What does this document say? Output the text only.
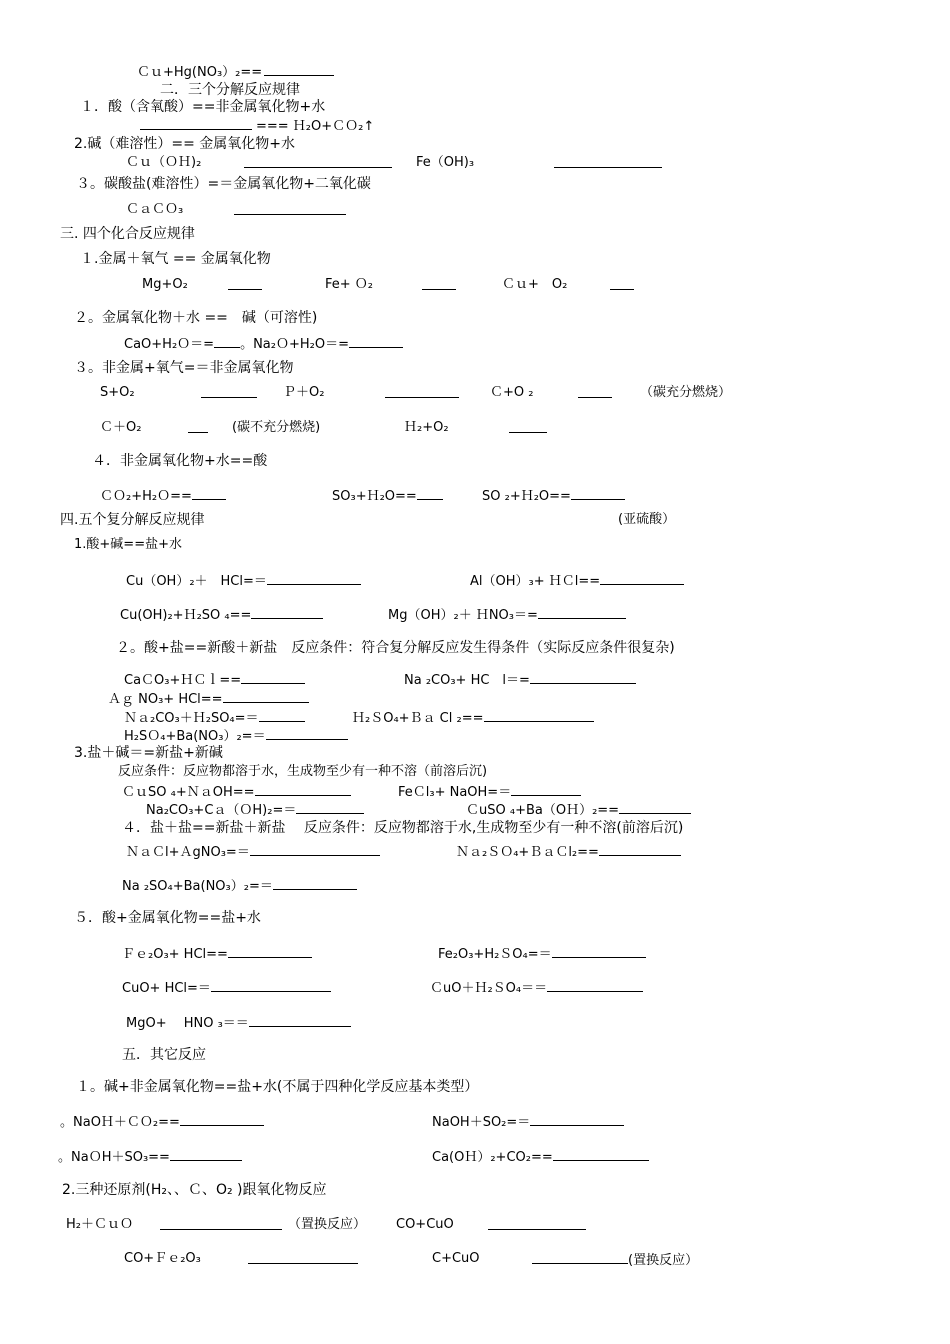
Ｃｕ+Hg(NO₃）₂==
二．三个分解反应规律
１．酸（含氧酸）==非金属氧化物+水
=== Ｈ₂O+ＣＯ₂↑
2.碱（难溶性）== 金属氧化物+水
Ｃｕ（ＯＨ)₂	Fe（OH)₃
３。碳酸盐(难溶性）=＝金属氧化物+二氧化碳
ＣａＣＯ₃
三. 四个化合反应规律
１.金属＋氧气 == 金属氧化物
Mg+O₂	Fe+ Ｏ₂	Ｃｕ+　O₂
２。金属氧化物＋水 ==　碱（可溶性)
CaO+H₂Ｏ＝= 。Na₂Ｏ+H₂O＝=
３。非金属+氧气=＝非金属氧化物
S+O₂	Ｐ＋O₂	Ｃ+O ₂	（碳充分燃烧）
Ｃ＋O₂	(碳不充分燃烧)	Ｈ₂+O₂
４．非金属氧化物+水==酸
ＣＯ₂+H₂Ｏ==	SO₃+Ｈ₂O==	SO ₂+Ｈ₂O==
四.五个复分解反应规律	(亚硫酸）
1.酸+碱==盐+水
Cu（OH）₂＋　HCl=＝	Al（OH）₃+ ＨＣl==
Cu(OH)₂+Ｈ₂SO ₄==	Mg（OH）₂＋ ＨNO₃＝=
２。酸+盐==新酸＋新盐　反应条件：符合复分解反应发生得条件（实际反应条件很复杂)
CaＣO₃+ＨＣｌ==	Na ₂CO₃+ HC　l＝=
Ａｇ NO₃+ HCl==
Ｎａ₂CO₃＋Ｈ₂SO₄=＝	Ｈ₂ＳO₄+Ｂａ Cl ₂==
H₂SＯ₄+Ba(NO₃）₂=＝
3.盐＋碱＝=新盐+新碱
反应条件：反应物都溶于水，生成物至少有一种不溶（前溶后沉)
ＣｕSO ₄+ＮａOH==	FeＣl₃+ NaOH=＝
Na₂CO₃+Cａ（ＯH)₂=＝	ＣuSO ₄+Ba（OＨ）₂==
４．盐＋盐==新盐＋新盐　 反应条件：反应物都溶于水,生成物至少有一种不溶(前溶后沉)
ＮａＣl+ＡgNO₃=＝	Ｎａ₂ＳＯ₄+ＢａＣl₂==
Na ₂SO₄+Ba(NO₃）₂=＝
５．酸+金属氧化物==盐+水
Ｆｅ₂O₃+ HCl==	Fe₂O₃+H₂ＳO₄=＝
CuO+ HCl=＝	ＣuO＋Ｈ₂ＳO₄＝＝
MgO+　 HNO ₃＝＝
五．其它反应
１。碱+非金属氧化物==盐+水(不属于四种化学反应基本类型）
。NaOＨ＋ＣＯ₂==	NaOH＋SO₂=＝
。NaＯH＋SO₃==	Ca(OＨ）₂+CO₂==
2.三种还原剂(H₂、、Ｃ、O₂ )跟氧化物反应
H₂＋ＣｕＯ	（置换反应） CO+CuO
CO+Ｆｅ₂O₃	C+CuO	(置换反应）
